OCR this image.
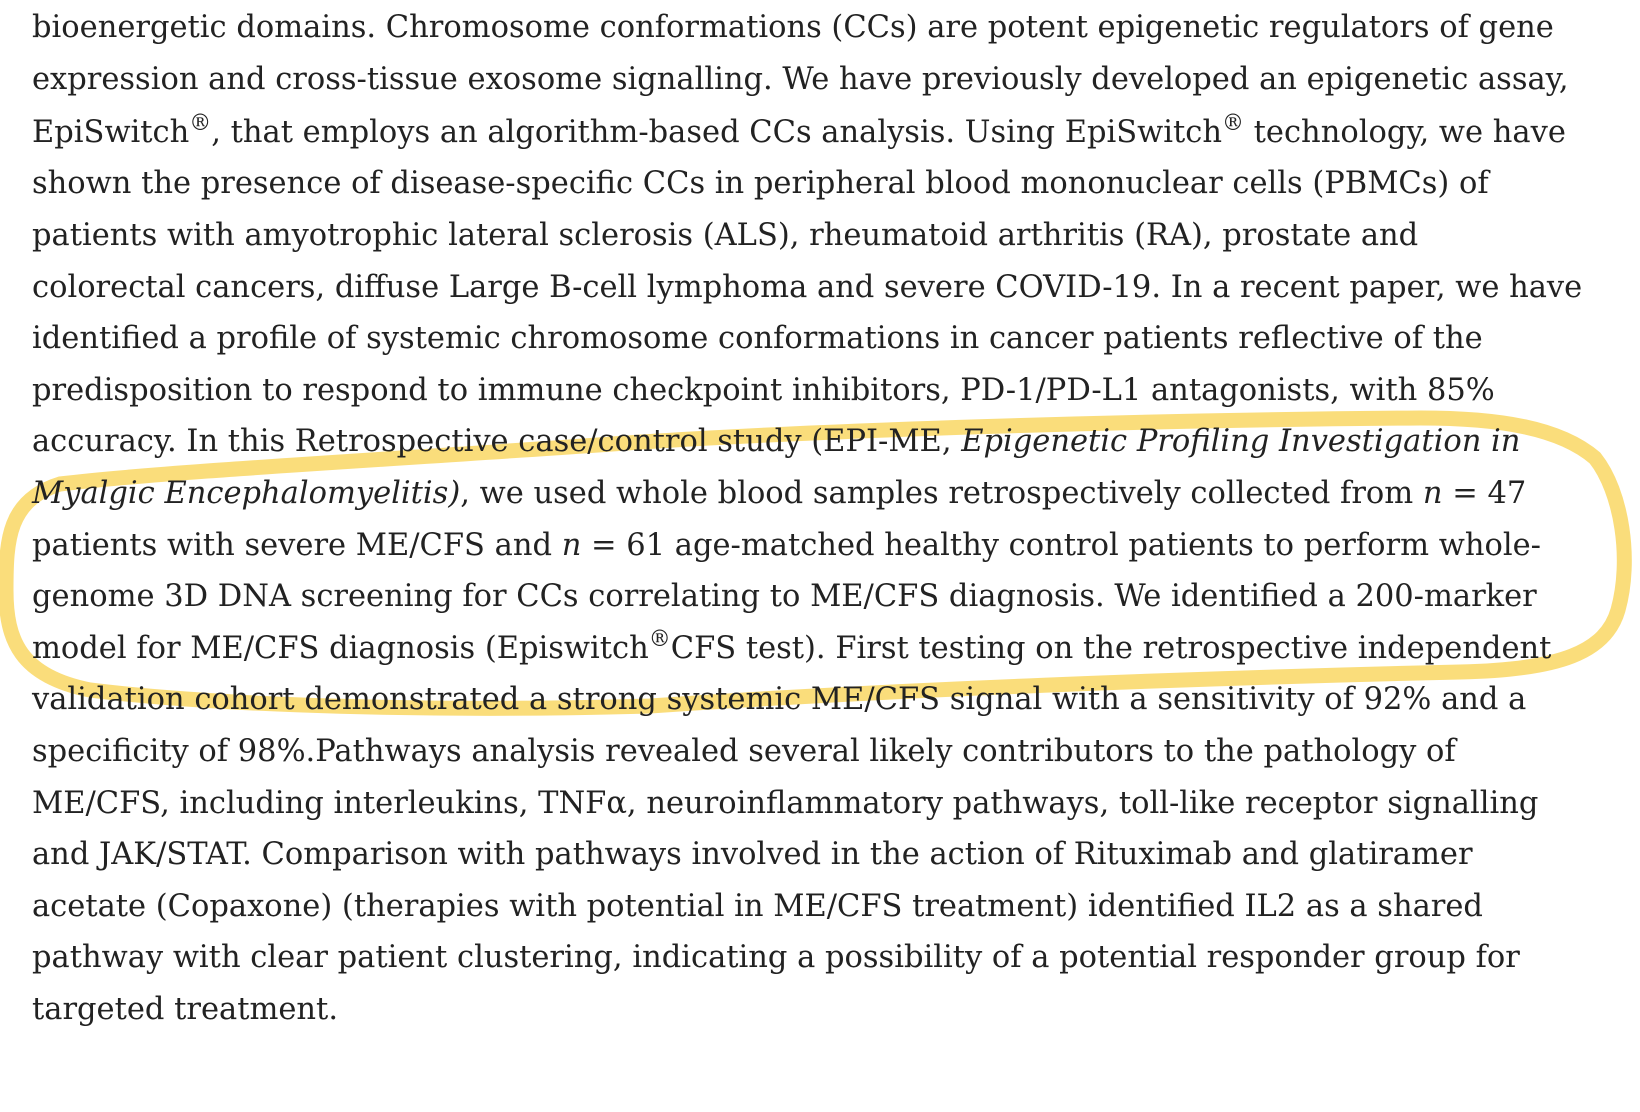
bioenergetic domains. Chromosome conformations (CCs) are potent epigenetic regulators of gene
expression and cross-tissue exosome signalling. We have previously developed an epigenetic assay,
EpiSwitch®, that employs an algorithm-based CCs analysis. Using EpiSwitch® technology, we have
shown the presence of disease-specific CCs in peripheral blood mononuclear cells (PBMCs) of
patients with amyotrophic lateral sclerosis (ALS), rheumatoid arthritis (RA), prostate and
colorectal cancers, diffuse Large B-cell lymphoma and severe COVID-19. In a recent paper, we have
identified a profile of systemic chromosome conformations in cancer patients reflective of the
predisposition to respond to immune checkpoint inhibitors, PD-1/PD-L1 antagonists, with 85%
accuracy. In this Retrospective case/control study (EPI-ME, Epigenetic Profiling Investigation in
Myalgic Encephalomyelitis), we used whole blood samples retrospectively collected from n = 47
patients with severe ME/CFS and n = 61 age-matched healthy control patients to perform whole-
genome 3D DNA screening for CCs correlating to ME/CFS diagnosis. We identified a 200-marker
model for ME/CFS diagnosis (Episwitch®CFS test). First testing on the retrospective independent
validation cohort demonstrated a strong systemic ME/CFS signal with a sensitivity of 92% and a
specificity of 98%.Pathways analysis revealed several likely contributors to the pathology of
ME/CFS, including interleukins, TNFα, neuroinflammatory pathways, toll-like receptor signalling
and JAK/STAT. Comparison with pathways involved in the action of Rituximab and glatiramer
acetate (Copaxone) (therapies with potential in ME/CFS treatment) identified IL2 as a shared
pathway with clear patient clustering, indicating a possibility of a potential responder group for
targeted treatment.
